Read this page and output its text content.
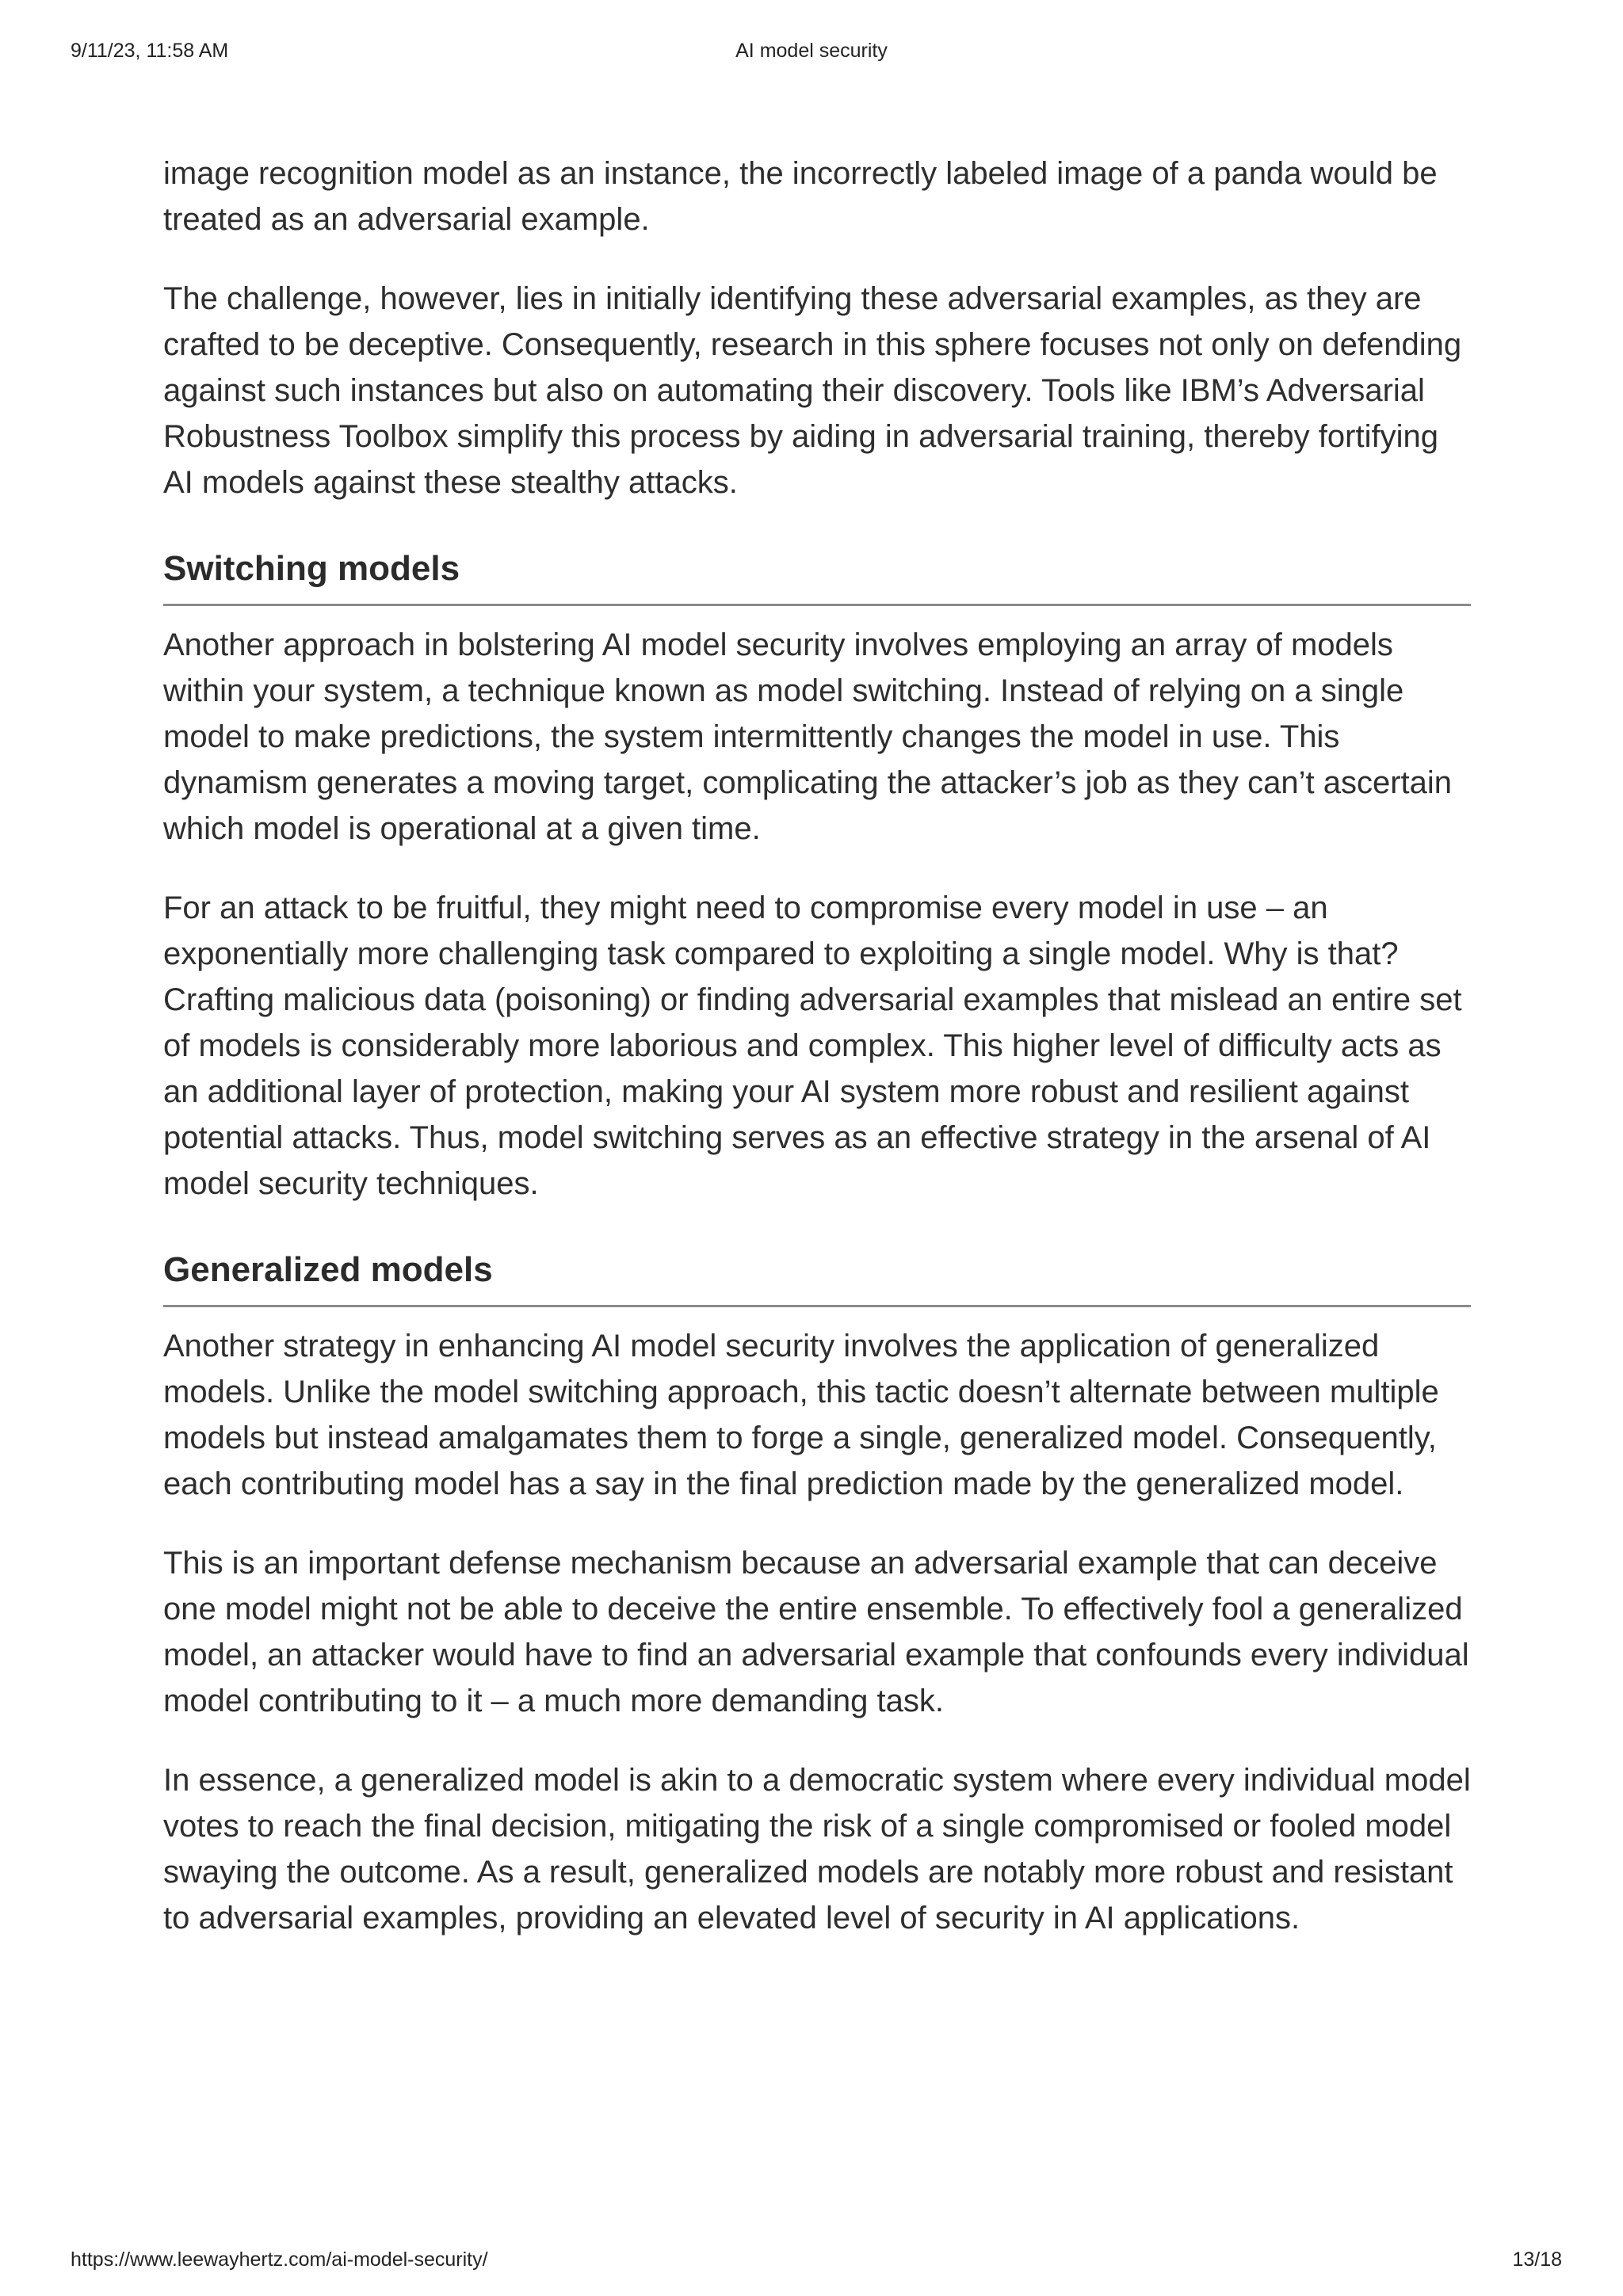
9/11/23, 11:58 AM	AI model security

image recognition model as an instance, the incorrectly labeled image of a panda would be treated as an adversarial example.

The challenge, however, lies in initially identifying these adversarial examples, as they are crafted to be deceptive. Consequently, research in this sphere focuses not only on defending against such instances but also on automating their discovery. Tools like IBM’s Adversarial Robustness Toolbox simplify this process by aiding in adversarial training, thereby fortifying AI models against these stealthy attacks.

Switching models

Another approach in bolstering AI model security involves employing an array of models within your system, a technique known as model switching. Instead of relying on a single model to make predictions, the system intermittently changes the model in use. This dynamism generates a moving target, complicating the attacker’s job as they can’t ascertain which model is operational at a given time.

For an attack to be fruitful, they might need to compromise every model in use – an exponentially more challenging task compared to exploiting a single model. Why is that? Crafting malicious data (poisoning) or finding adversarial examples that mislead an entire set of models is considerably more laborious and complex. This higher level of difficulty acts as an additional layer of protection, making your AI system more robust and resilient against potential attacks. Thus, model switching serves as an effective strategy in the arsenal of AI model security techniques.

Generalized models

Another strategy in enhancing AI model security involves the application of generalized models. Unlike the model switching approach, this tactic doesn’t alternate between multiple models but instead amalgamates them to forge a single, generalized model. Consequently, each contributing model has a say in the final prediction made by the generalized model.

This is an important defense mechanism because an adversarial example that can deceive one model might not be able to deceive the entire ensemble. To effectively fool a generalized model, an attacker would have to find an adversarial example that confounds every individual model contributing to it – a much more demanding task.

In essence, a generalized model is akin to a democratic system where every individual model votes to reach the final decision, mitigating the risk of a single compromised or fooled model swaying the outcome. As a result, generalized models are notably more robust and resistant to adversarial examples, providing an elevated level of security in AI applications.

https://www.leewayhertz.com/ai-model-security/	13/18
